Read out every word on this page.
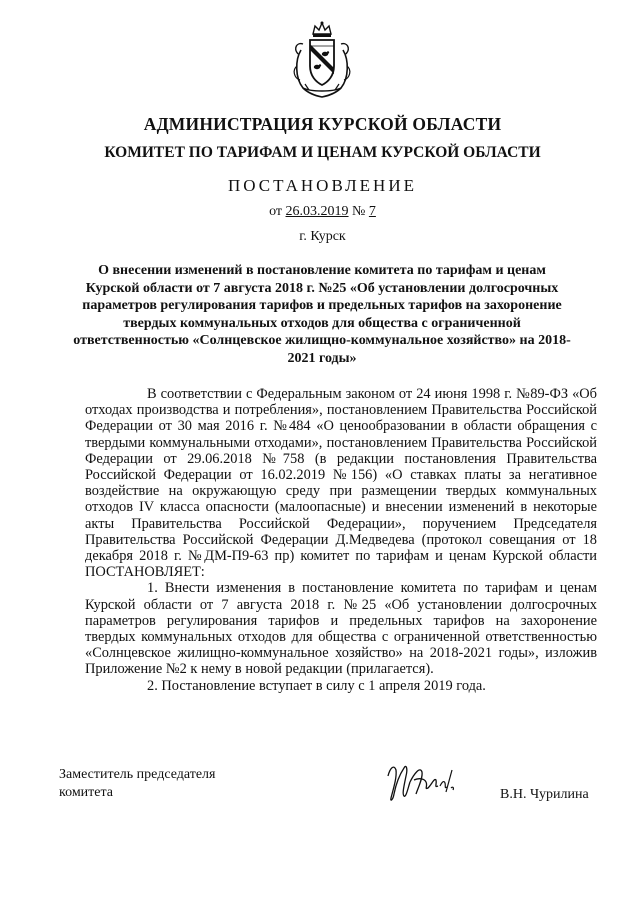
АДМИНИСТРАЦИЯ КУРСКОЙ ОБЛАСТИ
КОМИТЕТ ПО ТАРИФАМ И ЦЕНАМ КУРСКОЙ ОБЛАСТИ
ПОСТАНОВЛЕНИЕ
от 26.03.2019 № 7
г. Курск
О внесении изменений в постановление комитета по тарифам и ценам Курской области от 7 августа 2018 г. №25 «Об установлении долгосрочных параметров регулирования тарифов и предельных тарифов на захоронение твердых коммунальных отходов для общества с ограниченной ответственностью «Солнцевское жилищно-коммунальное хозяйство» на 2018-2021 годы»

В соответствии с Федеральным законом от 24 июня 1998 г. №89-ФЗ «Об отходах производства и потребления», постановлением Правительства Российской Федерации от 30 мая 2016 г. №484 «О ценообразовании в области обращения с твердыми коммунальными отходами», постановлением Правительства Российской Федерации от 29.06.2018 №758 (в редакции постановления Правительства Российской Федерации от 16.02.2019 №156) «О ставках платы за негативное воздействие на окружающую среду при размещении твердых коммунальных отходов IV класса опасности (малоопасные) и внесении изменений в некоторые акты Правительства Российской Федерации», поручением Председателя Правительства Российской Федерации Д.Медведева (протокол совещания от 18 декабря 2018 г. №ДМ-П9-63 пр) комитет по тарифам и ценам Курской области ПОСТАНОВЛЯЕТ:

1. Внести изменения в постановление комитета по тарифам и ценам Курской области от 7 августа 2018 г. №25 «Об установлении долгосрочных параметров регулирования тарифов и предельных тарифов на захоронение твердых коммунальных отходов для общества с ограниченной ответственностью «Солнцевское жилищно-коммунальное хозяйство» на 2018-2021 годы», изложив Приложение №2 к нему в новой редакции (прилагается).

2. Постановление вступает в силу с 1 апреля 2019 года.

Заместитель председателя
комитета	В.Н. Чурилина
